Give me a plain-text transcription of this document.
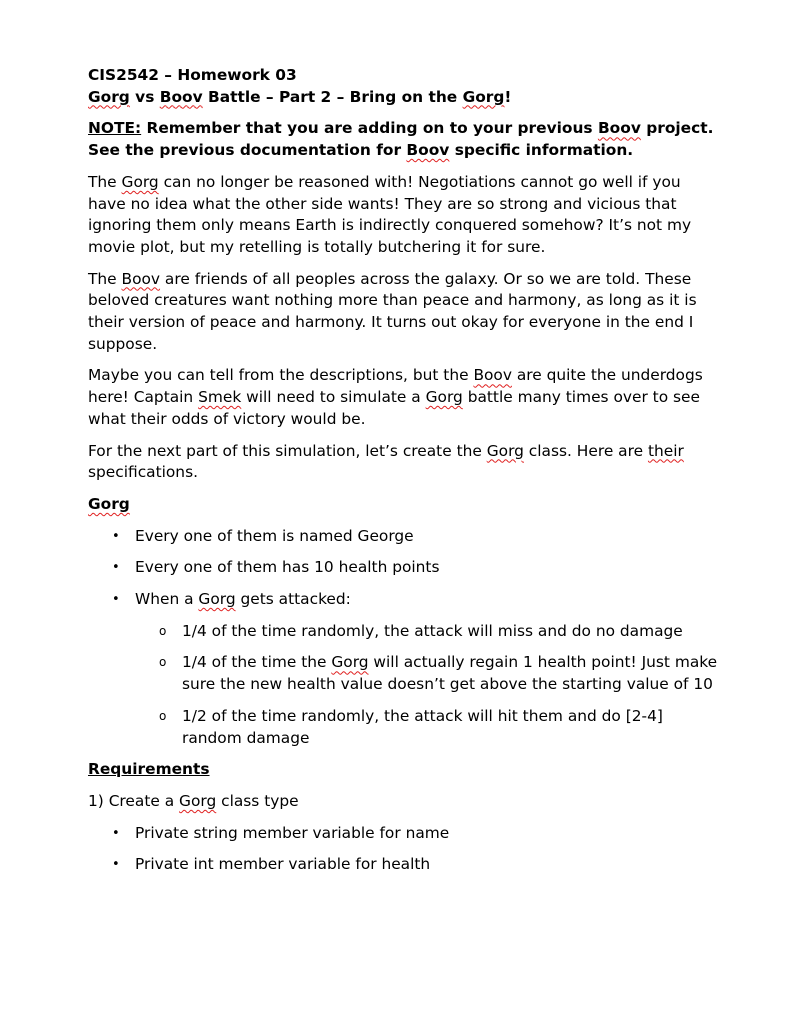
CIS2542 – Homework 03

Gorg vs Boov Battle – Part 2 – Bring on the Gorg!

NOTE: Remember that you are adding on to your previous Boov project. See the previous documentation for Boov specific information.

The Gorg can no longer be reasoned with! Negotiations cannot go well if you have no idea what the other side wants! They are so strong and vicious that ignoring them only means Earth is indirectly conquered somehow? It’s not my movie plot, but my retelling is totally butchering it for sure.

The Boov are friends of all peoples across the galaxy. Or so we are told. These beloved creatures want nothing more than peace and harmony, as long as it is their version of peace and harmony. It turns out okay for everyone in the end I suppose.

Maybe you can tell from the descriptions, but the Boov are quite the underdogs here! Captain Smek will need to simulate a Gorg battle many times over to see what their odds of victory would be.

For the next part of this simulation, let’s create the Gorg class. Here are their specifications.

Gorg

• Every one of them is named George
• Every one of them has 10 health points
• When a Gorg gets attacked:
o 1/4 of the time randomly, the attack will miss and do no damage
o 1/4 of the time the Gorg will actually regain 1 health point! Just make sure the new health value doesn’t get above the starting value of 10
o 1/2 of the time randomly, the attack will hit them and do [2-4] random damage

Requirements

1) Create a Gorg class type

• Private string member variable for name
• Private int member variable for health
